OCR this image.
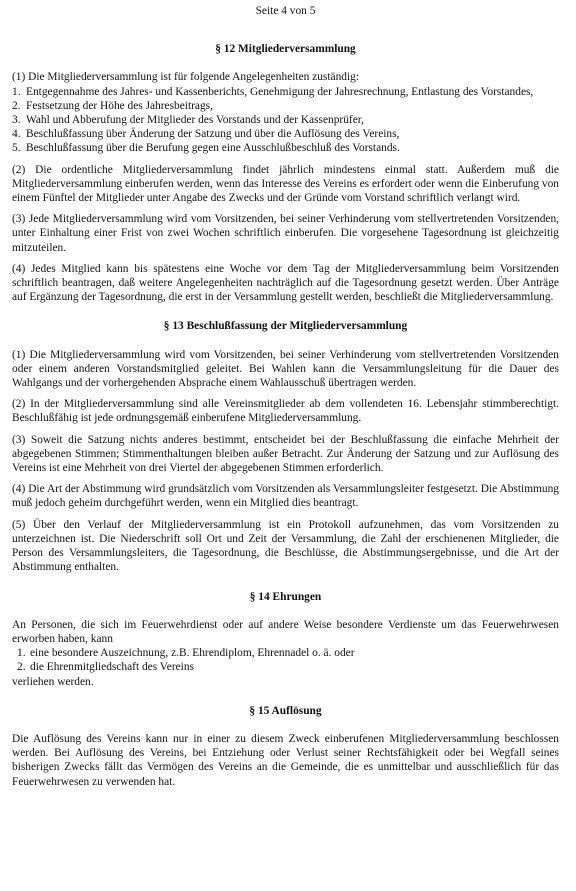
Seite 4 von 5
§ 12 Mitgliederversammlung

(1) Die Mitgliederversammlung ist für folgende Angelegenheiten zuständig:

1. Entgegennahme des Jahres- und Kassenberichts, Genehmigung der Jahresrechnung, Entlastung des Vorstandes,
2. Festsetzung der Höhe des Jahresbeitrags,
3. Wahl und Abberufung der Mitglieder des Vorstands und der Kassenprüfer,
4. Beschlußfassung über Änderung der Satzung und über die Auflösung des Vereins,
5. Beschlußfassung über die Berufung gegen eine Ausschlußbeschluß des Vorstands.

(2) Die ordentliche Mitgliederversammlung findet jährlich mindestens einmal statt. Außerdem muß die Mitgliederversammlung einberufen werden, wenn das Interesse des Vereins es erfordert oder wenn die Einberufung von einem Fünftel der Mitglieder unter Angabe des Zwecks und der Gründe vom Vorstand schriftlich verlangt wird.

(3) Jede Mitgliederversammlung wird vom Vorsitzenden, bei seiner Verhinderung vom stellvertretenden Vorsitzenden, unter Einhaltung einer Frist von zwei Wochen schriftlich einberufen. Die vorgesehene Tagesordnung ist gleichzeitig mitzuteilen.

(4) Jedes Mitglied kann bis spätestens eine Woche vor dem Tag der Mitgliederversammlung beim Vorsitzenden schriftlich beantragen, daß weitere Angelegenheiten nachträglich auf die Tagesordnung gesetzt werden. Über Anträge auf Ergänzung der Tagesordnung, die erst in der Versammlung gestellt werden, beschließt die Mitgliederversammlung.

§ 13 Beschlußfassung der Mitgliederversammlung

(1) Die Mitgliederversammlung wird vom Vorsitzenden, bei seiner Verhinderung vom stellvertretenden Vorsitzenden oder einem anderen Vorstandsmitglied geleitet. Bei Wahlen kann die Versammlungsleitung für die Dauer des Wahlgangs und der vorhergehenden Absprache einem Wahlausschuß übertragen werden.

(2) In der Mitgliederversammlung sind alle Vereinsmitglieder ab dem vollendeten 16. Lebensjahr stimmberechtigt. Beschlußfähig ist jede ordnungsgemäß einberufene Mitgliederversammlung.

(3) Soweit die Satzung nichts anderes bestimmt, entscheidet bei der Beschlußfassung die einfache Mehrheit der abgegebenen Stimmen; Stimmenthaltungen bleiben außer Betracht. Zur Änderung der Satzung und zur Auflösung des Vereins ist eine Mehrheit von drei Viertel der abgegebenen Stimmen erforderlich.

(4) Die Art der Abstimmung wird grundsätzlich vom Vorsitzenden als Versammlungsleiter festgesetzt. Die Abstimmung muß jedoch geheim durchgeführt werden, wenn ein Mitglied dies beantragt.

(5) Über den Verlauf der Mitgliederversammlung ist ein Protokoll aufzunehmen, das vom Vorsitzenden zu unterzeichnen ist. Die Niederschrift soll Ort und Zeit der Versammlung, die Zahl der erschienenen Mitglieder, die Person des Versammlungsleiters, die Tagesordnung, die Beschlüsse, die Abstimmungsergebnisse, und die Art der Abstimmung enthalten.

§ 14 Ehrungen

An Personen, die sich im Feuerwehrdienst oder auf andere Weise besondere Verdienste um das Feuerwehrwesen erworben haben, kann

1. eine besondere Auszeichnung, z.B. Ehrendiplom, Ehrennadel o. ä. oder
2. die Ehrenmitgliedschaft des Vereins

verliehen werden.

§ 15 Auflösung

Die Auflösung des Vereins kann nur in einer zu diesem Zweck einberufenen Mitgliederversammlung beschlossen werden. Bei Auflösung des Vereins, bei Entziehung oder Verlust seiner Rechtsfähigkeit oder bei Wegfall seines bisherigen Zwecks fällt das Vermögen des Vereins an die Gemeinde, die es unmittelbar und ausschließlich für das Feuerwehrwesen zu verwenden hat.
